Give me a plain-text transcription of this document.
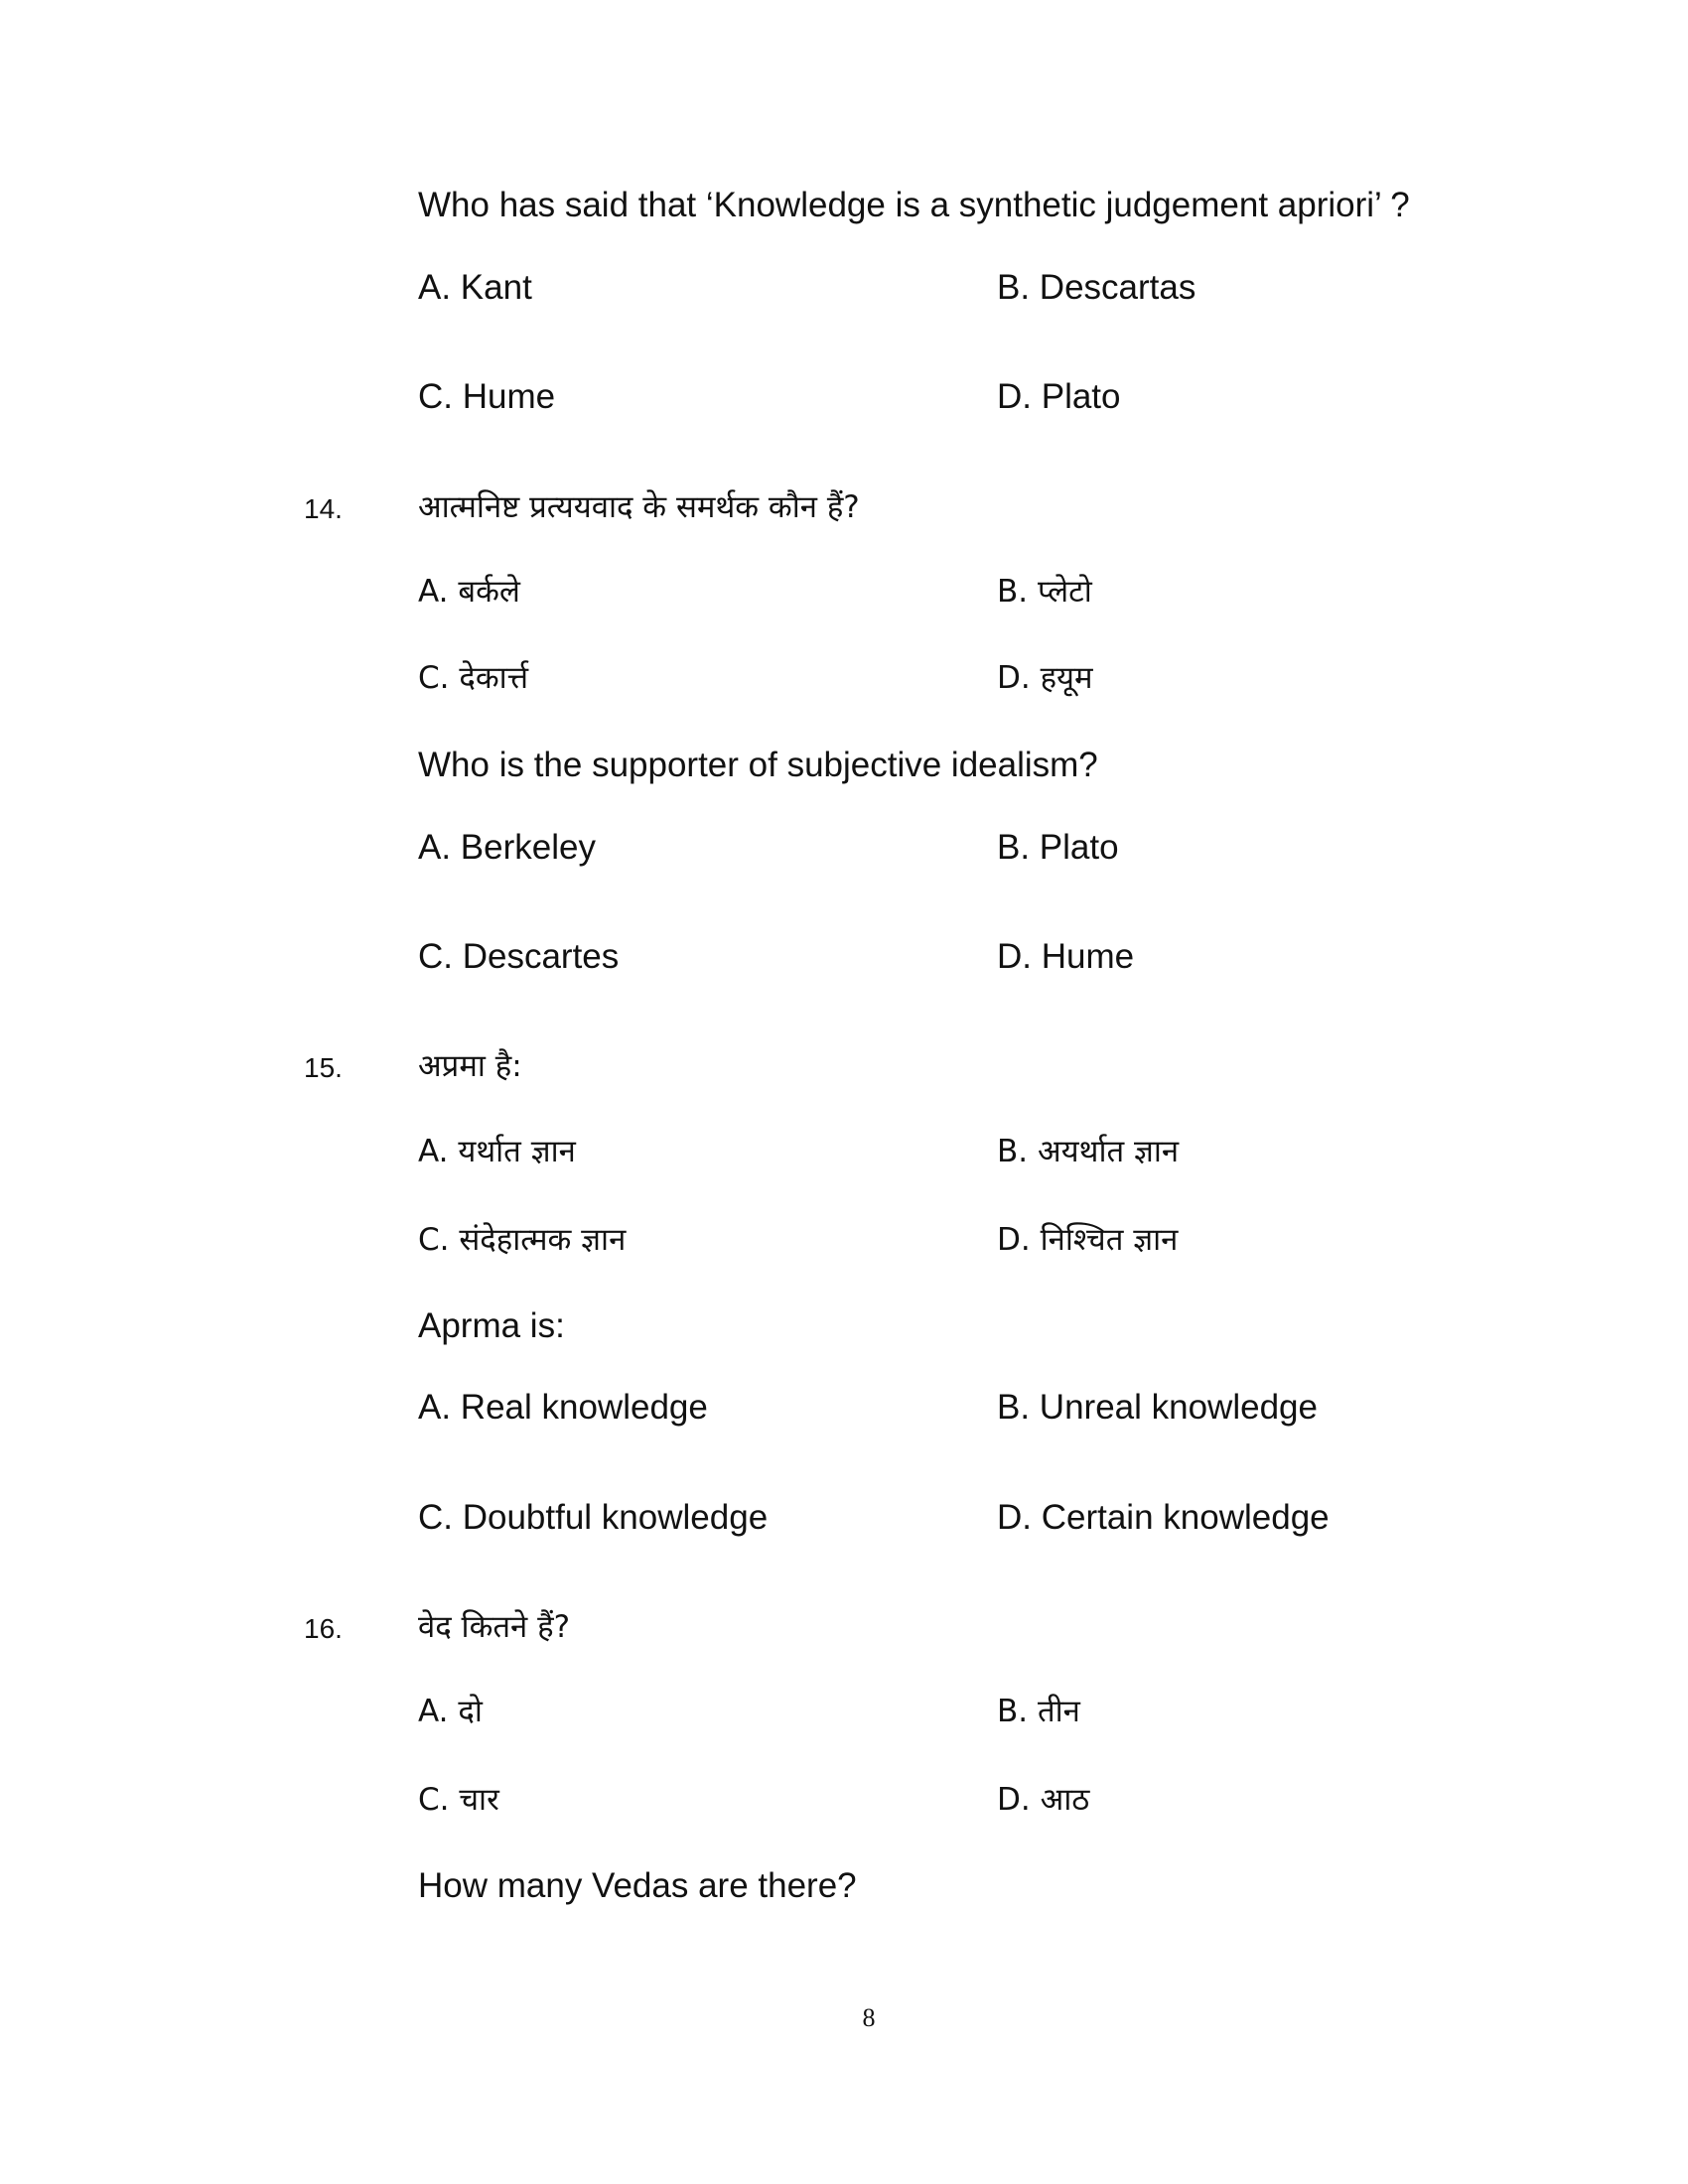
Who has said that ‘Knowledge is a synthetic judgement apriori’ ?
A. Kant	B. Descartas
C. Hume	D. Plato
14. आत्मनिष्ट प्रत्ययवाद के समर्थक कौन हैं?
A. बर्कले	B. प्लेटो
C. देकार्त्त	D. हयूम
Who is the supporter of subjective idealism?
A. Berkeley	B. Plato
C. Descartes	D. Hume
15. अप्रमा है:
A. यर्थात ज्ञान	B. अयर्थात ज्ञान
C. संदेहात्मक ज्ञान	D. निश्चित ज्ञान
Aprma is:
A. Real knowledge	B. Unreal knowledge
C. Doubtful knowledge	D. Certain knowledge
16. वेद कितने हैं?
A. दो	B. तीन
C. चार	D. आठ
How many Vedas are there?
8
